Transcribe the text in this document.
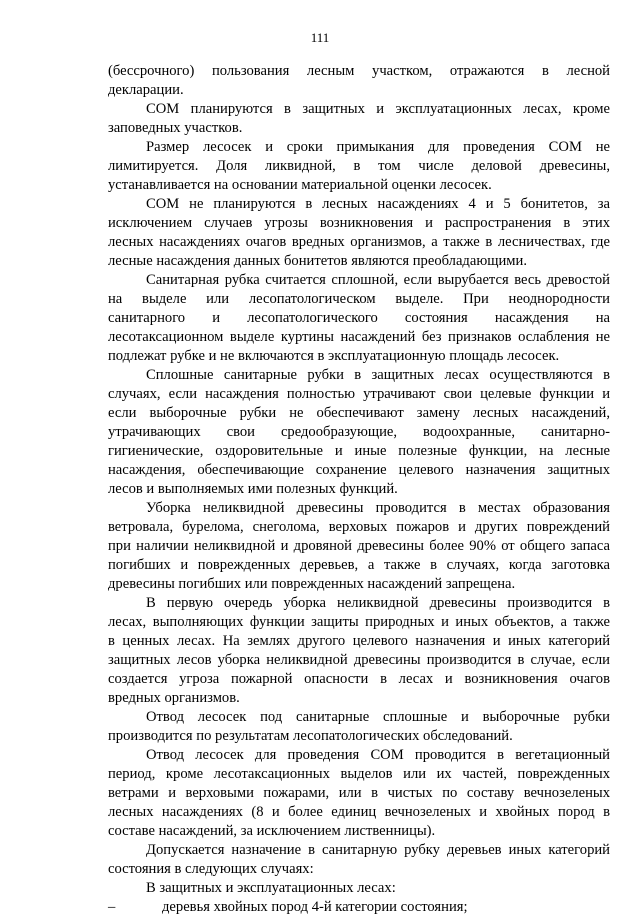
111

(бессрочного) пользования лесным участком, отражаются в лесной
декларации.

СОМ планируются в защитных и эксплуатационных лесах, кроме
заповедных участков.

Размер лесосек и сроки примыкания для проведения СОМ не
лимитируется. Доля ликвидной, в том числе деловой древесины,
устанавливается на основании материальной оценки лесосек.

СОМ не планируются в лесных насаждениях 4 и 5 бонитетов, за
исключением случаев угрозы возникновения и распространения в этих
лесных насаждениях очагов вредных организмов, а также в лесничествах, где
лесные насаждения данных бонитетов являются преобладающими.

Санитарная рубка считается сплошной, если вырубается весь древостой
на выделе или лесопатологическом выделе. При неоднородности
санитарного и лесопатологического состояния насаждения на
лесотаксационном выделе куртины насаждений без признаков ослабления не
подлежат рубке и не включаются в эксплуатационную площадь лесосек.

Сплошные санитарные рубки в защитных лесах осуществляются в
случаях, если насаждения полностью утрачивают свои целевые функции и
если выборочные рубки не обеспечивают замену лесных насаждений,
утрачивающих свои средообразующие, водоохранные, санитарно-
гигиенические, оздоровительные и иные полезные функции, на лесные
насаждения, обеспечивающие сохранение целевого назначения защитных
лесов и выполняемых ими полезных функций.

Уборка неликвидной древесины проводится в местах образования
ветровала, бурелома, снеголома, верховых пожаров и других повреждений
при наличии неликвидной и дровяной древесины более 90% от общего запаса
погибших и поврежденных деревьев, а также в случаях, когда заготовка
древесины погибших или поврежденных насаждений запрещена.

В первую очередь уборка неликвидной древесины производится в
лесах, выполняющих функции защиты природных и иных объектов, а также
в ценных лесах. На землях другого целевого назначения и иных категорий
защитных лесов уборка неликвидной древесины производится в случае, если
создается угроза пожарной опасности в лесах и возникновения очагов
вредных организмов.

Отвод лесосек под санитарные сплошные и выборочные рубки
производится по результатам лесопатологических обследований.

Отвод лесосек для проведения СОМ проводится в вегетационный
период, кроме лесотаксационных выделов или их частей, поврежденных
ветрами и верховыми пожарами, или в чистых по составу вечнозеленых
лесных насаждениях (8 и более единиц вечнозеленых и хвойных пород в
составе насаждений, за исключением лиственницы).

Допускается назначение в санитарную рубку деревьев иных категорий
состояния в следующих случаях:

В защитных и эксплуатационных лесах:

–	деревья хвойных пород 4-й категории состояния;
